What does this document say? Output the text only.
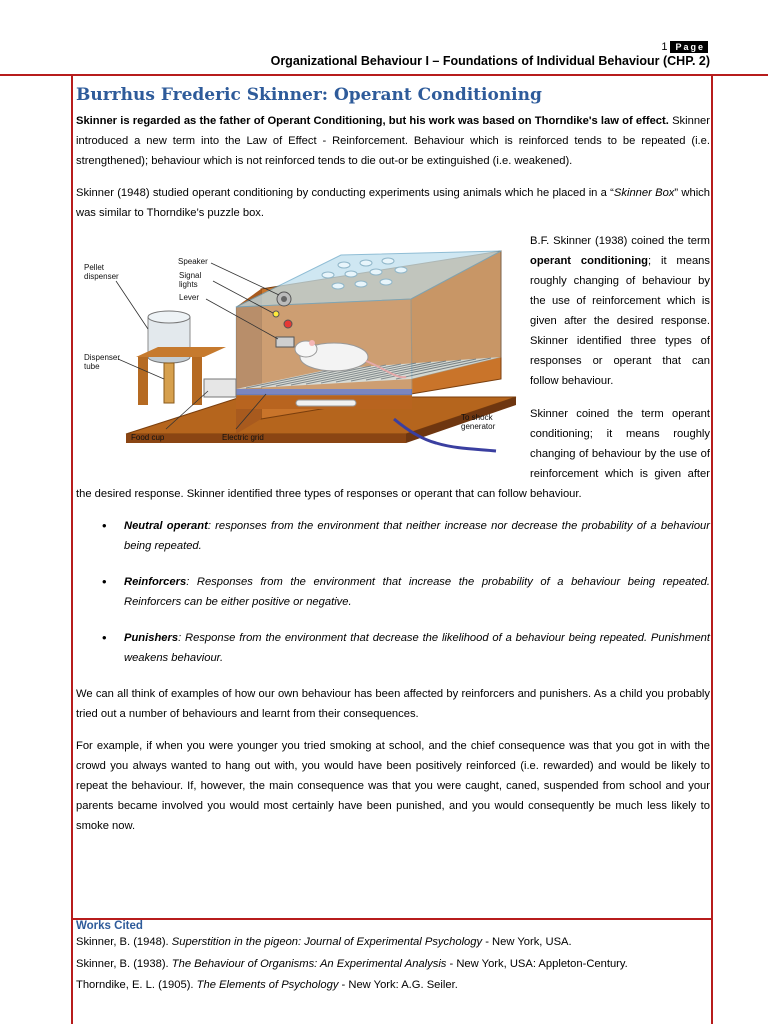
1 Page
Organizational Behaviour I – Foundations of Individual Behaviour (CHP. 2)
Burrhus Frederic Skinner: Operant Conditioning

Skinner is regarded as the father of Operant Conditioning, but his work was based on Thorndike's law of effect. Skinner introduced a new term into the Law of Effect - Reinforcement. Behaviour which is reinforced tends to be repeated (i.e. strengthened); behaviour which is not reinforced tends to die out-or be extinguished (i.e. weakened).

Skinner (1948) studied operant conditioning by conducting experiments using animals which he placed in a “Skinner Box” which was similar to Thorndike’s puzzle box.

Speaker
Signal
lights
Lever
Pellet
dispenser
Dispenser
tube
Food cup	Electric grid
To shock
generator

B.F. Skinner (1938) coined the term operant conditioning; it means roughly changing of behaviour by the use of reinforcement which is given after the desired response. Skinner identified three types of responses or operant that can follow behaviour.

Skinner coined the term operant conditioning; it means roughly changing of behaviour by the use of reinforcement which is given after the desired response. Skinner identified three types of responses or operant that can follow behaviour.

• Neutral operant: responses from the environment that neither increase nor decrease the probability of a behaviour being repeated.
• Reinforcers: Responses from the environment that increase the probability of a behaviour being repeated. Reinforcers can be either positive or negative.
• Punishers: Response from the environment that decrease the likelihood of a behaviour being repeated. Punishment weakens behaviour.

We can all think of examples of how our own behaviour has been affected by reinforcers and punishers. As a child you probably tried out a number of behaviours and learnt from their consequences.

For example, if when you were younger you tried smoking at school, and the chief consequence was that you got in with the crowd you always wanted to hang out with, you would have been positively reinforced (i.e. rewarded) and would be likely to repeat the behaviour. If, however, the main consequence was that you were caught, caned, suspended from school and your parents became involved you would most certainly have been punished, and you would consequently be much less likely to smoke now.

Works Cited

Skinner, B. (1948). Superstition in the pigeon: Journal of Experimental Psychology - New York, USA.

Skinner, B. (1938). The Behaviour of Organisms: An Experimental Analysis - New York, USA: Appleton-Century.

Thorndike, E. L. (1905). The Elements of Psychology - New York: A.G. Seiler.
